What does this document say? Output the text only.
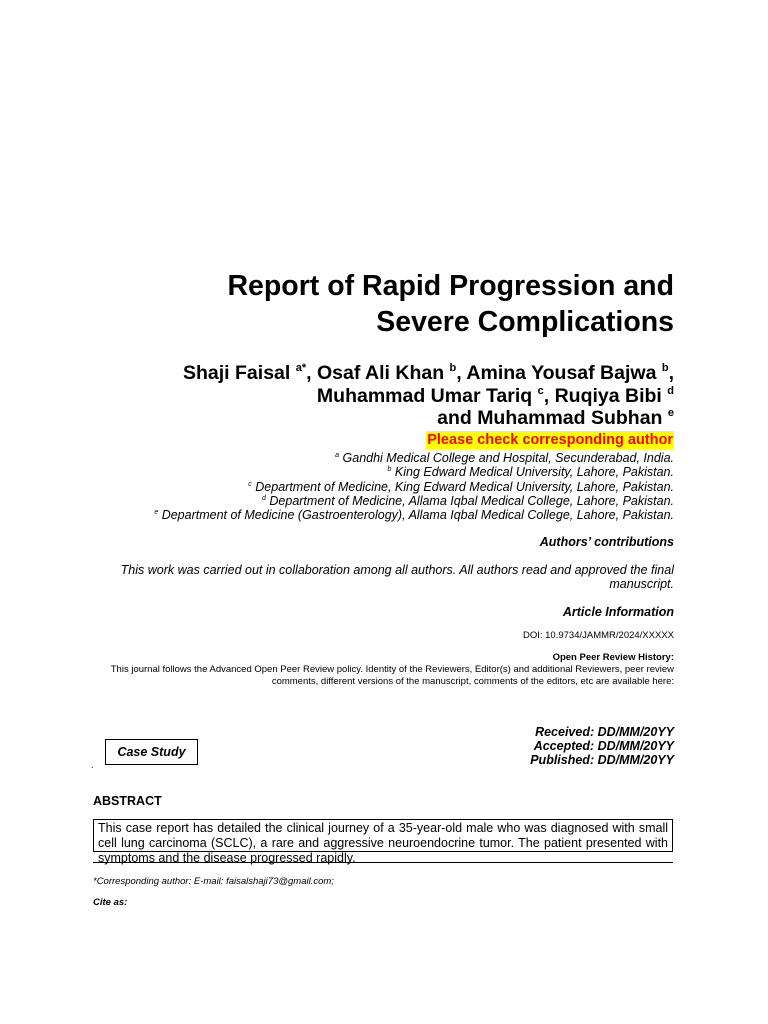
Report of Rapid Progression and
Severe Complications
Shaji Faisal $^{a*}$, Osaf Ali Khan $^b$, Amina Yousaf Bajwa $^b$,
Muhammad Umar Tariq $^c$, Ruqiya Bibi $^d$
and Muhammad Subhan $^e$
Please check corresponding author
$^a$ Gandhi Medical College and Hospital, Secunderabad, India.
$^b$ King Edward Medical University, Lahore, Pakistan.
$^c$ Department of Medicine, King Edward Medical University, Lahore, Pakistan.
$^d$ Department of Medicine, Allama Iqbal Medical College, Lahore, Pakistan.
$^e$ Department of Medicine (Gastroenterology), Allama Iqbal Medical College, Lahore, Pakistan.
Authors’ contributions
This work was carried out in collaboration among all authors. All authors read and approved the final manuscript.
Article Information
DOI: 10.9734/JAMMR/2024/XXXXX
Open Peer Review History:
This journal follows the Advanced Open Peer Review policy. Identity of the Reviewers, Editor(s) and additional Reviewers, peer review comments, different versions of the manuscript, comments of the editors, etc are available here:
Received: DD/MM/20YY
Accepted: DD/MM/20YY
Published: DD/MM/20YY
Case Study
.
ABSTRACT
This case report has detailed the clinical journey of a 35-year-old male who was diagnosed with small cell lung carcinoma (SCLC), a rare and aggressive neuroendocrine tumor. The patient presented with symptoms and the disease progressed rapidly.
*Corresponding author: E-mail: faisalshaji73@gmail.com;
Cite as:
